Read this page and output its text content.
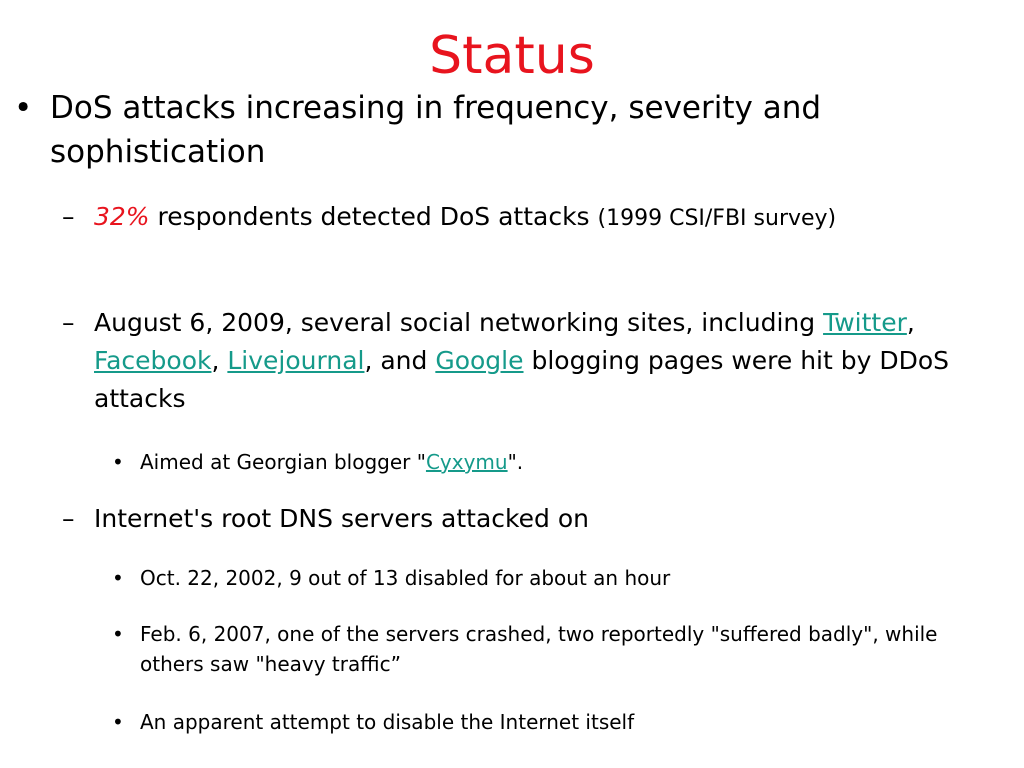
Status
• DoS attacks increasing in frequency, severity and sophistication
– 32% respondents detected DoS attacks (1999 CSI/FBI survey)
– August 6, 2009, several social networking sites, including Twitter, Facebook, Livejournal, and Google blogging pages were hit by DDoS attacks
• Aimed at Georgian blogger "Cyxymu".
– Internet's root DNS servers attacked on
• Oct. 22, 2002, 9 out of 13 disabled for about an hour
• Feb. 6, 2007, one of the servers crashed, two reportedly "suffered badly", while others saw "heavy traffic”
• An apparent attempt to disable the Internet itself
